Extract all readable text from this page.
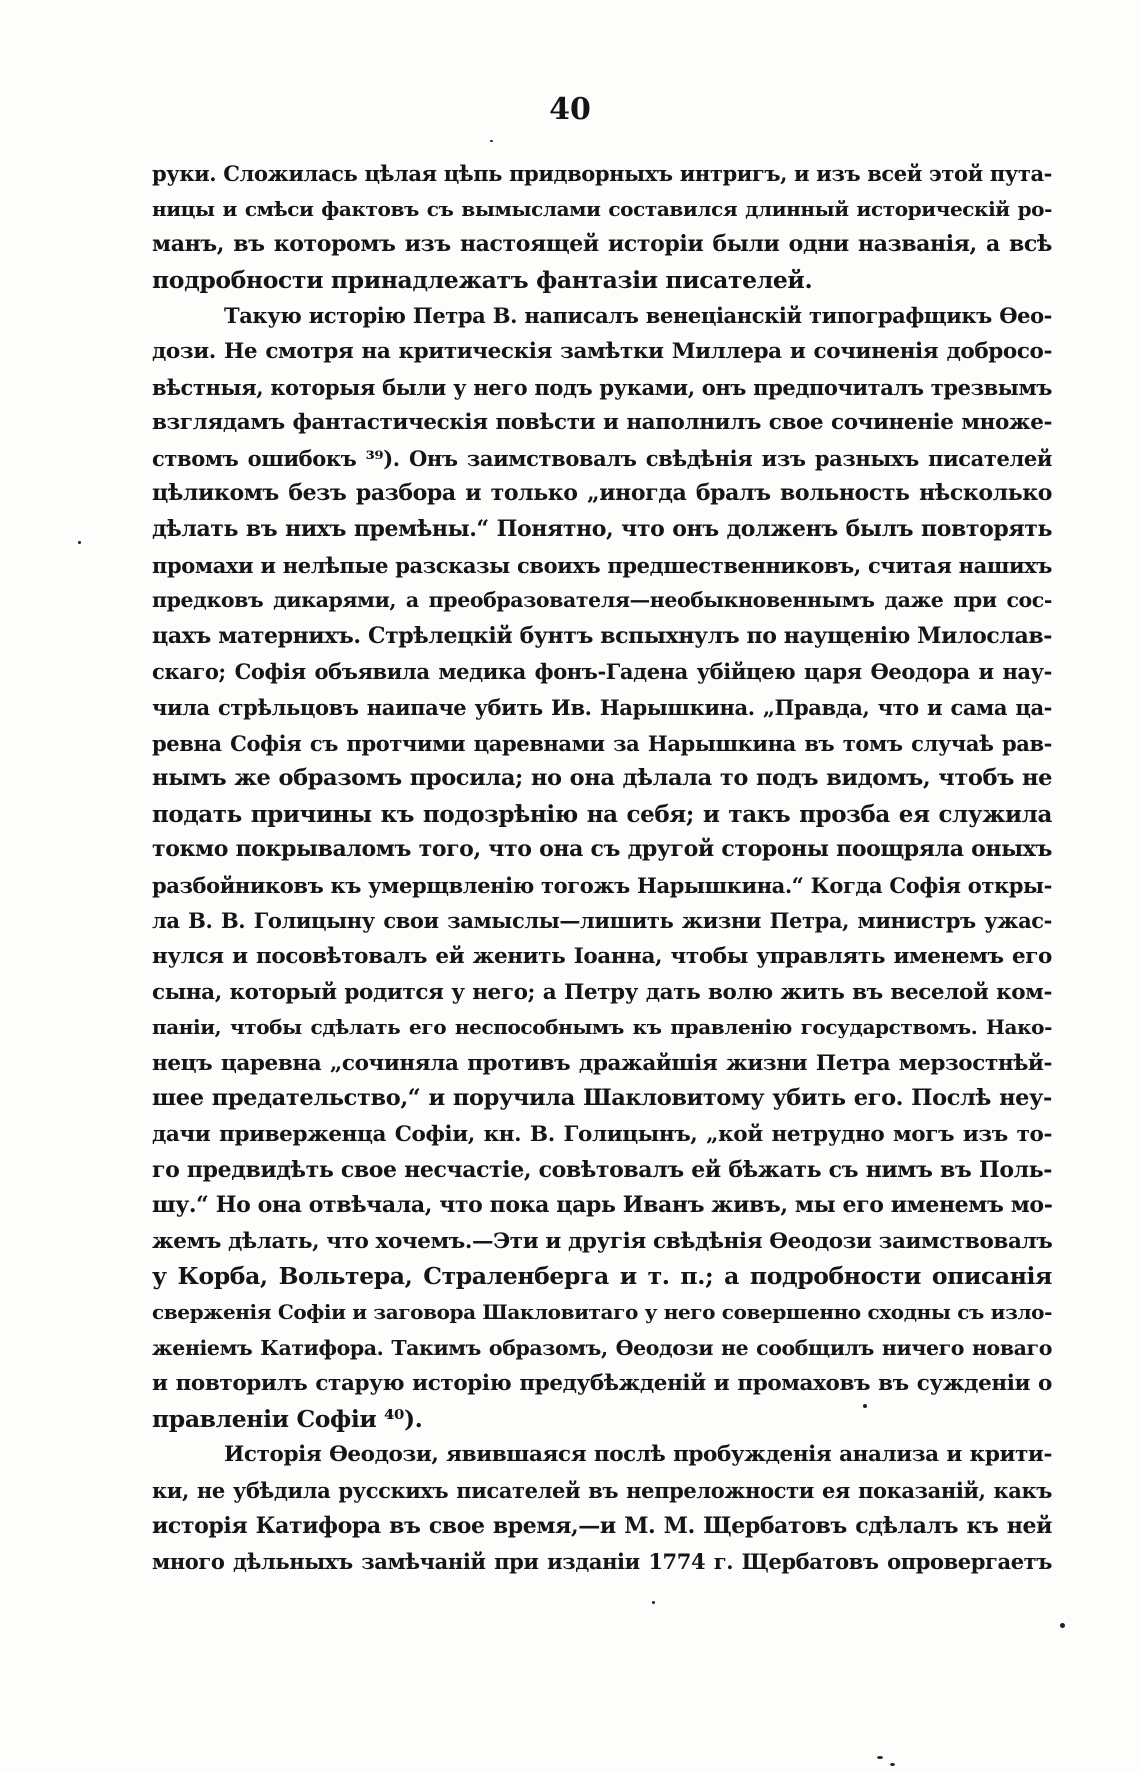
40
руки. Сложилась цѣлая цѣпь придворныхъ интригъ, и изъ всей этой пута-
ницы и смѣси фактовъ съ вымыслами составился длинный историческій ро-
манъ, въ которомъ изъ настоящей исторіи были одни названія, а всѣ
подробности принадлежатъ фантазіи писателей.
Такую исторію Петра В. написалъ венеціанскій типографщикъ Ѳео-
дози. Не смотря на критическія замѣтки Миллера и сочиненія добросо-
вѣстныя, которыя были у него подъ руками, онъ предпочиталъ трезвымъ
взглядамъ фантастическія повѣсти и наполнилъ свое сочиненіе множе-
ствомъ ошибокъ ³⁹). Онъ заимствовалъ свѣдѣнія изъ разныхъ писателей
цѣликомъ безъ разбора и только „иногда бралъ вольность нѣсколько
дѣлать въ нихъ премѣны.“ Понятно, что онъ долженъ былъ повторять
промахи и нелѣпые разсказы своихъ предшественниковъ, считая нашихъ
предковъ дикарями, а преобразователя—необыкновеннымъ даже при сос-
цахъ матернихъ. Стрѣлецкій бунтъ вспыхнулъ по наущенію Милослав-
скаго; Софія объявила медика фонъ-Гадена убійцею царя Ѳеодора и нау-
чила стрѣльцовъ наипаче убить Ив. Нарышкина. „Правда, что и сама ца-
ревна Софія съ протчими царевнами за Нарышкина въ томъ случаѣ рав-
нымъ же образомъ просила; но она дѣлала то подъ видомъ, чтобъ не
подать причины къ подозрѣнію на себя; и такъ прозба ея служила
токмо покрываломъ того, что она съ другой стороны поощряла оныхъ
разбойниковъ къ умерщвленію тогожъ Нарышкина.“ Когда Софія откры-
ла В. В. Голицыну свои замыслы—лишить жизни Петра, министръ ужас-
нулся и посовѣтовалъ ей женить Іоанна, чтобы управлять именемъ его
сына, который родится у него; а Петру дать волю жить въ веселой ком-
паніи, чтобы сдѣлать его неспособнымъ къ правленію государствомъ. Нако-
нецъ царевна „сочиняла противъ дражайшія жизни Петра мерзостнѣй-
шее предательство,“ и поручила Шакловитому убить его. Послѣ неу-
дачи приверженца Софіи, кн. В. Голицынъ, „кой нетрудно могъ изъ то-
го предвидѣть свое несчастіе, совѣтовалъ ей бѣжать съ нимъ въ Поль-
шу.“ Но она отвѣчала, что пока царь Иванъ живъ, мы его именемъ мо-
жемъ дѣлать, что хочемъ.—Эти и другія свѣдѣнія Ѳеодози заимствовалъ
у Корба, Вольтера, Страленберга и т. п.; а подробности описанія
сверженія Софіи и заговора Шакловитаго у него совершенно сходны съ изло-
женіемъ Катифора. Такимъ образомъ, Ѳеодози не сообщилъ ничего новаго
и повторилъ старую исторію предубѣжденій и промаховъ въ сужденіи о
правленіи Софіи ⁴⁰).
Исторія Ѳеодози, явившаяся послѣ пробужденія анализа и крити-
ки, не убѣдила русскихъ писателей въ непреложности ея показаній, какъ
исторія Катифора въ свое время,—и М. М. Щербатовъ сдѣлалъ къ ней
много дѣльныхъ замѣчаній при изданіи 1774 г. Щербатовъ опровергаетъ
